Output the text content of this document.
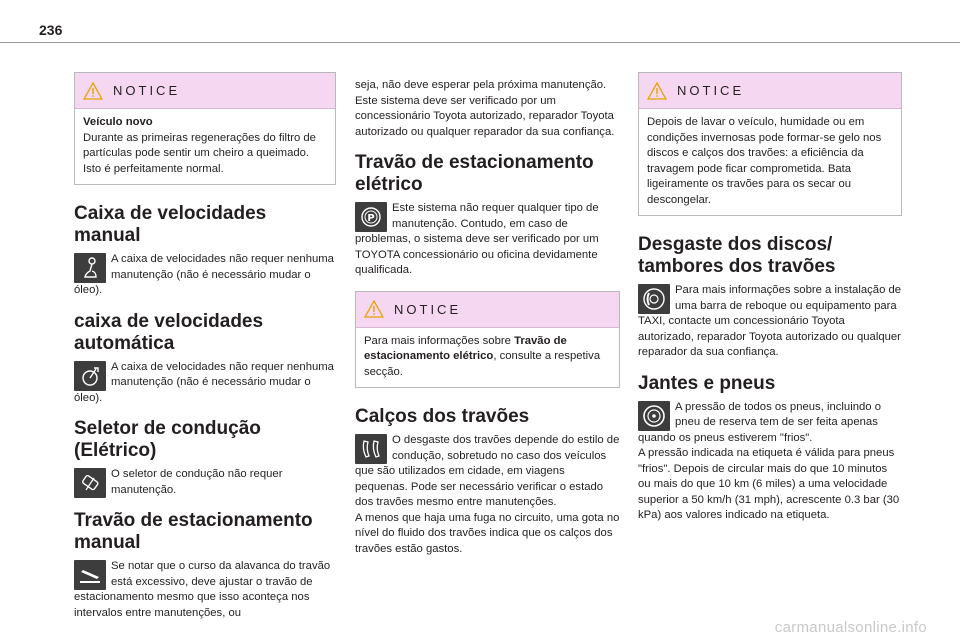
236
NOTICE
Veículo novo
Durante as primeiras regenerações do filtro de partículas pode sentir um cheiro a queimado. Isto é perfeitamente normal.
Caixa de velocidades manual

A caixa de velocidades não requer nenhuma manutenção (não é necessário mudar o óleo).

caixa de velocidades automática

A caixa de velocidades não requer nenhuma manutenção (não é necessário mudar o óleo).

Seletor de condução (Elétrico)

O seletor de condução não requer manutenção.

Travão de estacionamento manual

Se notar que o curso da alavanca do travão está excessivo, deve ajustar o travão de estacionamento mesmo que isso aconteça nos intervalos entre manutenções, ou

seja, não deve esperar pela próxima manutenção.

Este sistema deve ser verificado por um concessionário Toyota autorizado, reparador Toyota autorizado ou qualquer reparador da sua confiança.

Travão de estacionamento elétrico
P

Este sistema não requer qualquer tipo de manutenção. Contudo, em caso de problemas, o sistema deve ser verificado por um TOYOTA concessionário ou oficina devidamente qualificada.

NOTICE
Para mais informações sobre Travão de estacionamento elétrico, consulte a respetiva secção.
Calços dos travões

O desgaste dos travões depende do estilo de condução, sobretudo no caso dos veículos que são utilizados em cidade, em viagens pequenas. Pode ser necessário verificar o estado dos travões mesmo entre manutenções.

A menos que haja uma fuga no circuito, uma gota no nível do fluido dos travões indica que os calços dos travões estão gastos.

NOTICE
Depois de lavar o veículo, humidade ou em condições invernosas pode formar-se gelo nos discos e calços dos travões: a eficiência da travagem pode ficar comprometida. Bata ligeiramente os travões para os secar ou descongelar.
Desgaste dos discos/ tambores dos travões

Para mais informações sobre a instalação de uma barra de reboque ou equipamento para TAXI, contacte um concessionário Toyota autorizado, reparador Toyota autorizado ou qualquer reparador da sua confiança.

Jantes e pneus

A pressão de todos os pneus, incluindo o pneu de reserva tem de ser feita apenas quando os pneus estiverem "frios".

A pressão indicada na etiqueta é válida para pneus "frios". Depois de circular mais do que 10 minutos ou mais do que 10 km (6 miles) a uma velocidade superior a 50 km/h (31 mph), acrescente 0.3 bar (30 kPa) aos valores indicado na etiqueta.

carmanualsonline.info
